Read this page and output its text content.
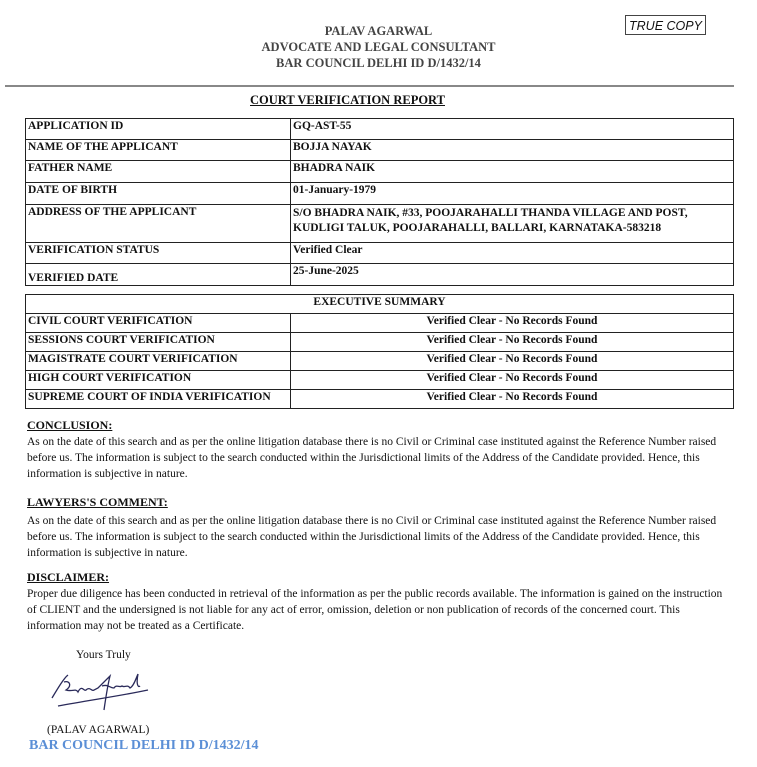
PALAV AGARWAL
ADVOCATE AND LEGAL CONSULTANT
BAR COUNCIL DELHI ID D/1432/14
TRUE COPY
COURT VERIFICATION REPORT
APPLICATION ID	GQ-AST-55
NAME OF THE APPLICANT	BOJJA NAYAK
FATHER NAME	BHADRA NAIK
DATE OF BIRTH	01-January-1979
ADDRESS OF THE APPLICANT	S/O BHADRA NAIK, #33, POOJARAHALLI THANDA VILLAGE AND POST, KUDLIGI TALUK, POOJARAHALLI, BALLARI, KARNATAKA-583218
VERIFICATION STATUS	Verified Clear
VERIFIED DATE	25-June-2025
EXECUTIVE SUMMARY	
CIVIL COURT VERIFICATION	Verified Clear - No Records Found
SESSIONS COURT VERIFICATION	Verified Clear - No Records Found
MAGISTRATE COURT VERIFICATION	Verified Clear - No Records Found
HIGH COURT VERIFICATION	Verified Clear - No Records Found
SUPREME COURT OF INDIA VERIFICATION	Verified Clear - No Records Found
CONCLUSION:
As on the date of this search and as per the online litigation database there is no Civil or Criminal case instituted against the Reference Number raised before us. The information is subject to the search conducted within the Jurisdictional limits of the Address of the Candidate provided. Hence, this information is subjective in nature.
LAWYERS'S COMMENT:
As on the date of this search and as per the online litigation database there is no Civil or Criminal case instituted against the Reference Number raised before us. The information is subject to the search conducted within the Jurisdictional limits of the Address of the Candidate provided. Hence, this information is subjective in nature.
DISCLAIMER:
Proper due diligence has been conducted in retrieval of the information as per the public records available. The information is gained on the instruction of CLIENT and the undersigned is not liable for any act of error, omission, deletion or non publication of records of the concerned court. This information may not be treated as a Certificate.
Yours Truly
(PALAV AGARWAL)
BAR COUNCIL DELHI ID D/1432/14
